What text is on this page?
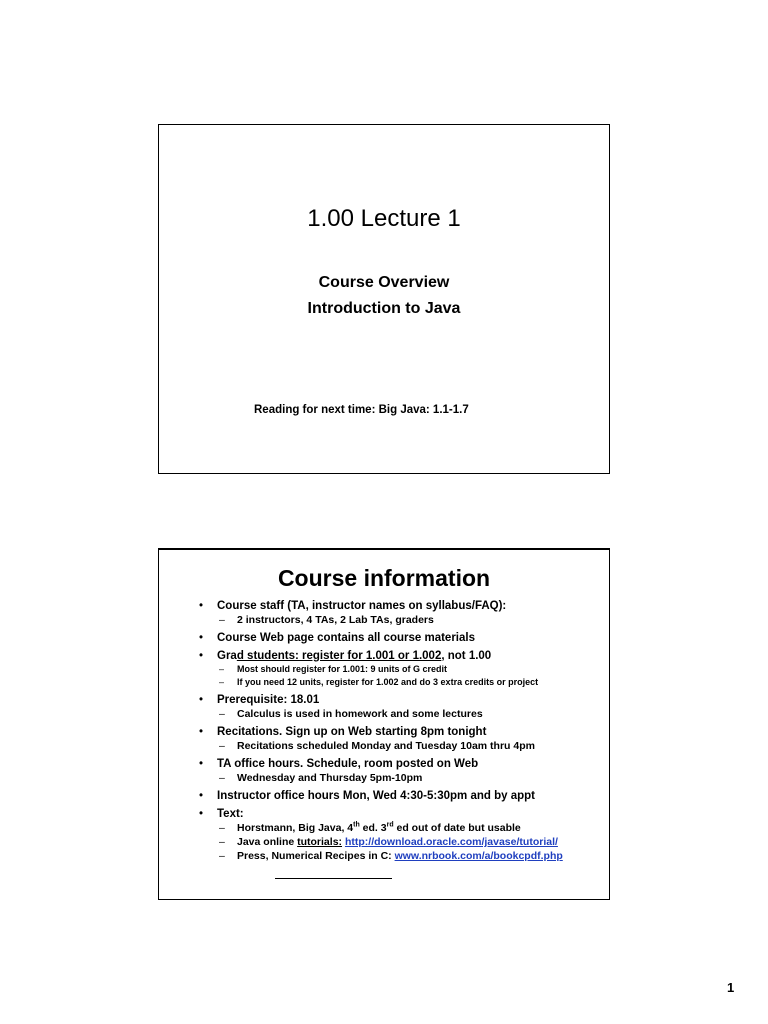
1.00 Lecture 1
Course Overview
Introduction to Java
Reading for next time: Big Java: 1.1-1.7
Course information
• Course staff (TA, instructor names on syllabus/FAQ):
– 2 instructors, 4 TAs, 2 Lab TAs, graders
• Course Web page contains all course materials
• Grad students: register for 1.001 or 1.002, not 1.00
– Most should register for 1.001: 9 units of G credit
– If you need 12 units, register for 1.002 and do 3 extra credits or project
• Prerequisite: 18.01
– Calculus is used in homework and some lectures
• Recitations. Sign up on Web starting 8pm tonight
– Recitations scheduled Monday and Tuesday 10am thru 4pm
• TA office hours. Schedule, room posted on Web
– Wednesday and Thursday 5pm-10pm
• Instructor office hours Mon, Wed 4:30-5:30pm and by appt
• Text:
– Horstmann, Big Java, 4th ed. 3rd ed out of date but usable
– Java online tutorials: http://download.oracle.com/javase/tutorial/
– Press, Numerical Recipes in C: www.nrbook.com/a/bookcpdf.php
1
